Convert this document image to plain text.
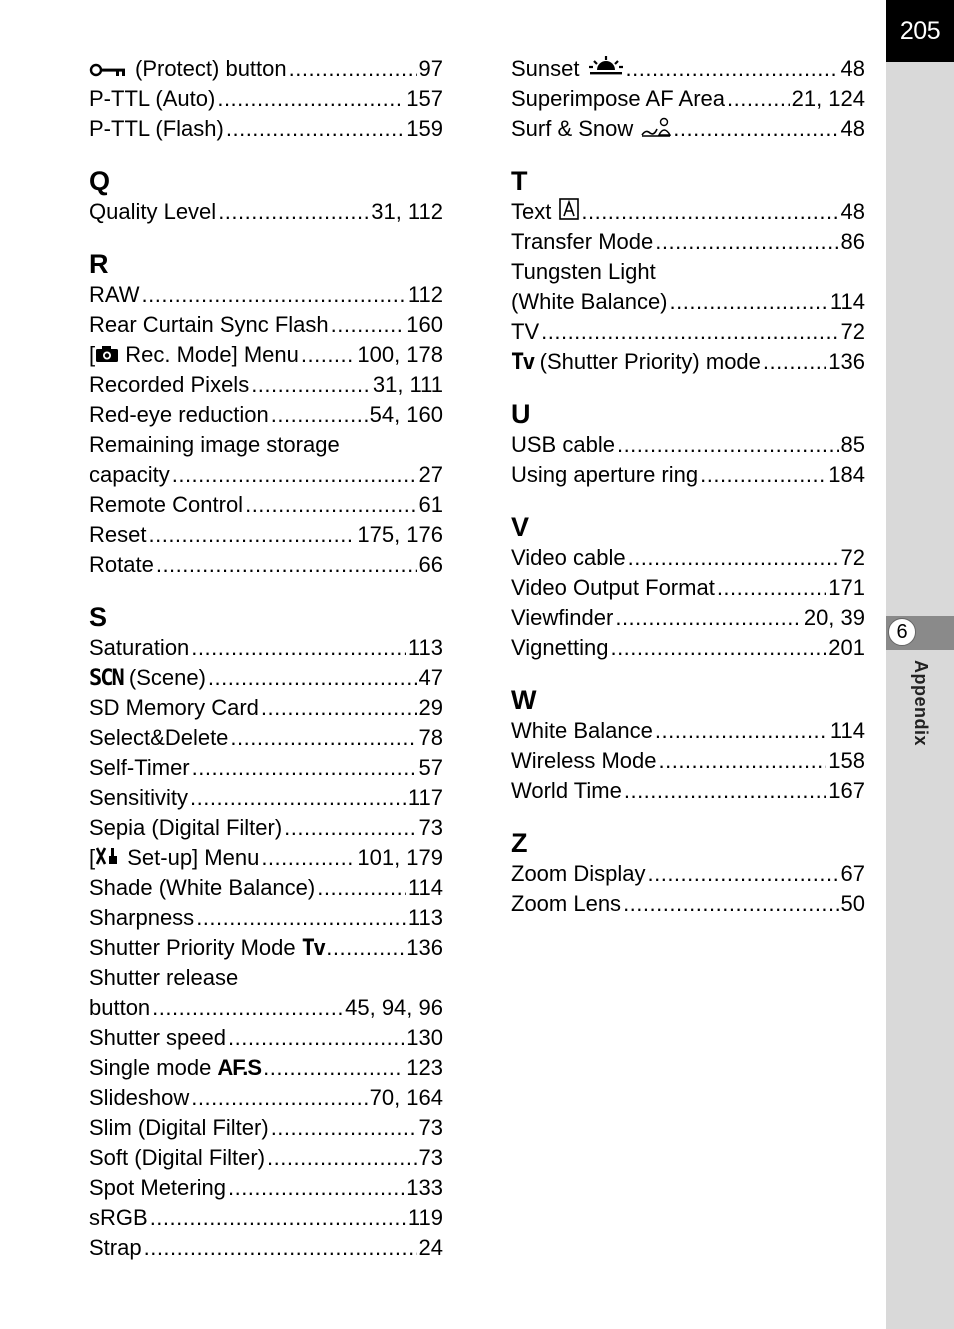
205
6
Appendix
(Protect) button .....	97
P-TTL (Auto) .....	157
P-TTL (Flash) .....	159
Q
Quality Level .....	31, 112
R
RAW .....	112
Rear Curtain Sync Flash .....	160
[ Rec. Mode] Menu .....	100, 178
Recorded Pixels .....	31, 111
Red-eye reduction .....	54, 160
Remaining image storage
capacity .....	27
Remote Control .....	61
Reset .....	175, 176
Rotate .....	66
S
Saturation .....	113
SCN (Scene) .....	47
SD Memory Card .....	29
Select&Delete .....	78
Self-Timer .....	57
Sensitivity .....	117
Sepia (Digital Filter) .....	73
[ Set-up] Menu .....	101, 179
Shade (White Balance) .....	114
Sharpness .....	113
Shutter Priority Mode Tv .....	136
Shutter release
button .....	45, 94, 96
Shutter speed .....	130
Single mode AF.S .....	123
Slideshow .....	70, 164
Slim (Digital Filter) .....	73
Soft (Digital Filter) .....	73
Spot Metering .....	133
sRGB .....	119
Strap .....	24
Sunset .....	48
Superimpose AF Area .....	21, 124
Surf & Snow .....	48
T
Text .....	48
Transfer Mode .....	86
Tungsten Light
(White Balance) .....	114
TV .....	72
Tv (Shutter Priority) mode .....	136
U
USB cable .....	85
Using aperture ring .....	184
V
Video cable .....	72
Video Output Format .....	171
Viewfinder .....	20, 39
Vignetting .....	201
W
White Balance .....	114
Wireless Mode .....	158
World Time .....	167
Z
Zoom Display .....	67
Zoom Lens .....	50
